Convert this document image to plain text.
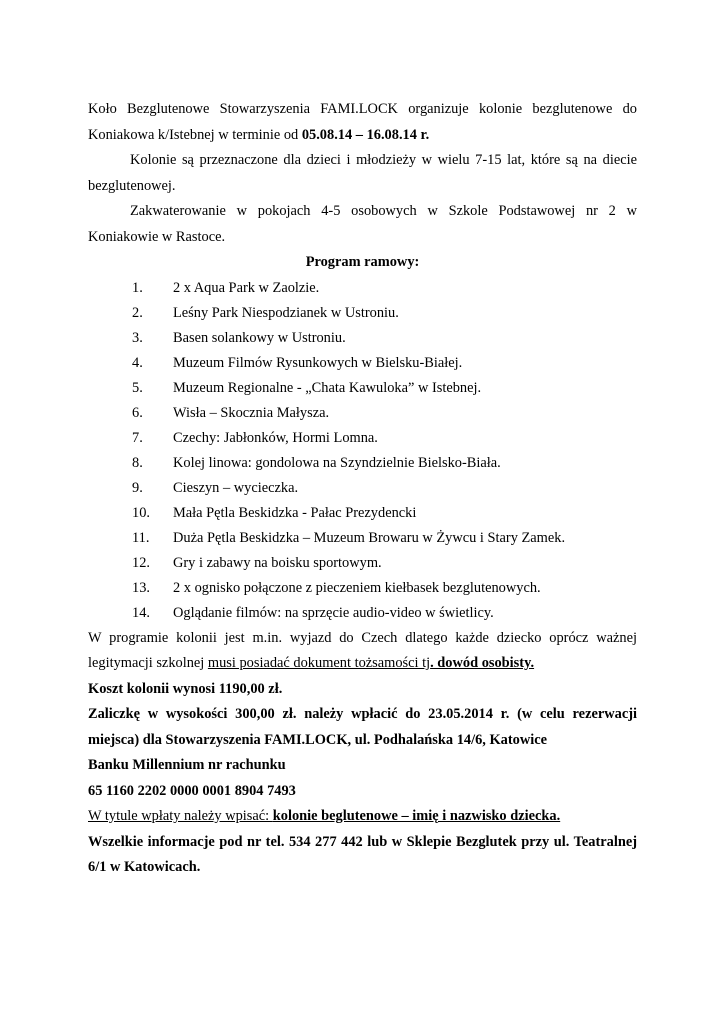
Koło Bezglutenowe Stowarzyszenia FAMI.LOCK organizuje kolonie bezglutenowe do Koniakowa k/Istebnej w terminie od 05.08.14 – 16.08.14 r.

Kolonie są przeznaczone dla dzieci i młodzieży w wielu 7-15 lat, które są na diecie bezglutenowej.

Zakwaterowanie w pokojach 4-5 osobowych w Szkole Podstawowej nr 2 w Koniakowie w Rastoce.

Program ramowy:

1.	2 x Aqua Park w Zaolzie.
2.	Leśny Park Niespodzianek w Ustroniu.
3.	Basen solankowy w Ustroniu.
4.	Muzeum Filmów Rysunkowych w Bielsku-Białej.
5.	Muzeum Regionalne - „Chata Kawuloka” w Istebnej.
6.	Wisła – Skocznia Małysza.
7.	Czechy: Jabłonków, Hormi Lomna.
8.	Kolej linowa: gondolowa na Szyndzielnie Bielsko-Biała.
9.	Cieszyn – wycieczka.
10.	Mała Pętla Beskidzka - Pałac Prezydencki
11.	Duża Pętla Beskidzka – Muzeum Browaru w Żywcu i Stary Zamek.
12.	Gry i zabawy na boisku sportowym.
13.	2 x ognisko połączone z pieczeniem kiełbasek bezglutenowych.
14.	Oglądanie filmów: na sprzęcie audio-video w świetlicy.

W programie kolonii jest m.in. wyjazd do Czech dlatego każde dziecko oprócz ważnej legitymacji szkolnej musi posiadać dokument tożsamości tj. dowód osobisty.

Koszt kolonii wynosi 1190,00 zł.

Zaliczkę w wysokości 300,00 zł. należy wpłacić do 23.05.2014 r. (w celu rezerwacji miejsca) dla Stowarzyszenia FAMI.LOCK, ul. Podhalańska 14/6, Katowice

Banku Millennium nr rachunku

65 1160 2202 0000 0001 8904 7493

W tytule wpłaty należy wpisać: kolonie beglutenowe – imię i nazwisko dziecka.

Wszelkie informacje pod nr tel. 534 277 442 lub w Sklepie Bezglutek przy ul. Teatralnej 6/1 w Katowicach.
